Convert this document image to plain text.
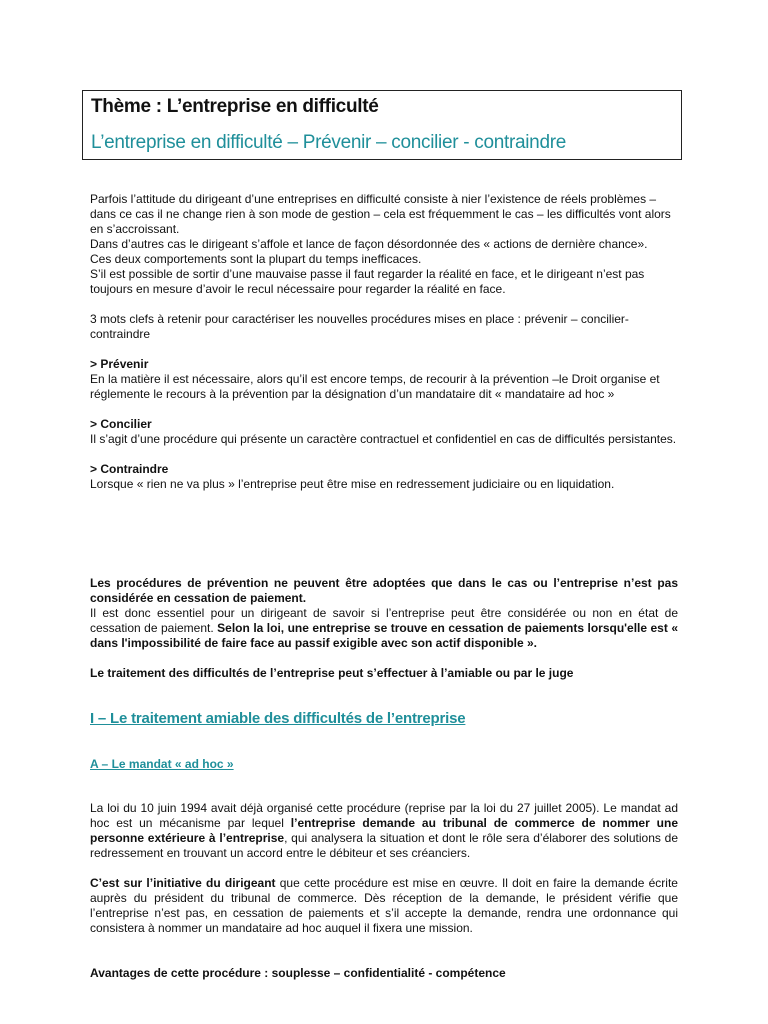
Thème : L’entreprise en difficulté

L’entreprise en difficulté – Prévenir – concilier - contraindre

Parfois l’attitude du dirigeant d’une entreprises en difficulté consiste à nier l’existence de réels problèmes – dans ce cas il ne change rien à son mode de gestion – cela est fréquemment le cas – les difficultés vont alors en s’accroissant.

Dans d’autres cas le dirigeant s’affole et lance de façon désordonnée des « actions de dernière chance».

Ces deux comportements sont la plupart du temps inefficaces.

S’il est possible de sortir d’une mauvaise passe il faut regarder la réalité en face, et le dirigeant n’est pas toujours en mesure d’avoir le recul nécessaire pour regarder la réalité en face.

3 mots clefs à retenir pour caractériser les nouvelles procédures mises en place : prévenir – concilier-contraindre

> Prévenir

En la matière il est nécessaire, alors qu’il est encore temps, de recourir à la prévention –le Droit organise et réglemente le recours à la prévention par la désignation d’un mandataire dit « mandataire ad hoc »

> Concilier

Il s’agit d’une procédure qui présente un caractère contractuel et confidentiel en cas de difficultés persistantes.

> Contraindre

Lorsque « rien ne va plus » l’entreprise peut être mise en redressement judiciaire ou en liquidation.

Les procédures de prévention ne peuvent être adoptées que dans le cas ou l’entreprise n’est pas considérée en cessation de paiement.

Il est donc essentiel pour un dirigeant de savoir si l’entreprise peut être considérée ou non en état de cessation de paiement. Selon la loi, une entreprise se trouve en cessation de paiements lorsqu'elle est « dans l'impossibilité de faire face au passif exigible avec son actif disponible ».

Le traitement des difficultés de l’entreprise peut s’effectuer à l’amiable ou par le juge

I – Le traitement amiable des difficultés de l’entreprise
A – Le mandat « ad hoc »

La loi du 10 juin 1994 avait déjà organisé cette procédure (reprise par la loi du 27 juillet 2005). Le mandat ad hoc est un mécanisme par lequel l’entreprise demande au tribunal de commerce de nommer une personne extérieure à l’entreprise, qui analysera la situation et dont le rôle sera d’élaborer des solutions de redressement en trouvant un accord entre le débiteur et ses créanciers.

C’est sur l’initiative du dirigeant que cette procédure est mise en œuvre. Il doit en faire la demande écrite auprès du président du tribunal de commerce. Dès réception de la demande, le président vérifie que l’entreprise n’est pas, en cessation de paiements et s’il accepte la demande, rendra une ordonnance qui consistera à nommer un mandataire ad hoc auquel il fixera une mission.

Avantages de cette procédure : souplesse – confidentialité - compétence
